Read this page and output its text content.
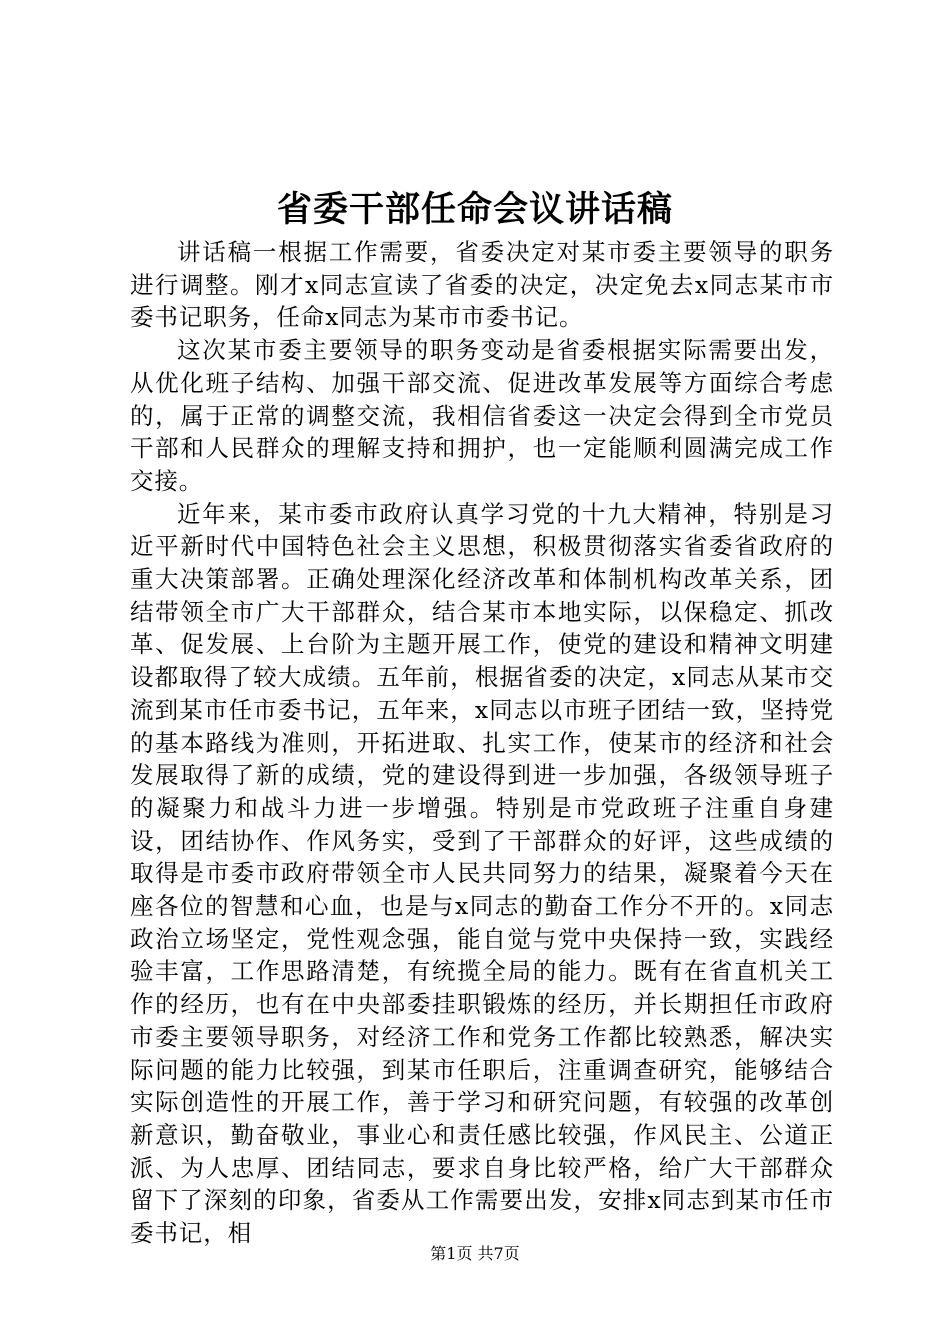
省委干部任命会议讲话稿

讲话稿一根据工作需要，省委决定对某市委主要领导的职务进行调整。刚才x同志宣读了省委的决定，决定免去x同志某市市委书记职务，任命x同志为某市市委书记。

这次某市委主要领导的职务变动是省委根据实际需要出发，从优化班子结构、加强干部交流、促进改革发展等方面综合考虑的，属于正常的调整交流，我相信省委这一决定会得到全市党员干部和人民群众的理解支持和拥护，也一定能顺利圆满完成工作交接。

近年来，某市委市政府认真学习党的十九大精神，特别是习近平新时代中国特色社会主义思想，积极贯彻落实省委省政府的重大决策部署。正确处理深化经济改革和体制机构改革关系，团结带领全市广大干部群众，结合某市本地实际，以保稳定、抓改革、促发展、上台阶为主题开展工作，使党的建设和精神文明建设都取得了较大成绩。五年前，根据省委的决定，x同志从某市交流到某市任市委书记，五年来，x同志以市班子团结一致，坚持党的基本路线为准则，开拓进取、扎实工作，使某市的经济和社会发展取得了新的成绩，党的建设得到进一步加强，各级领导班子的凝聚力和战斗力进一步增强。特别是市党政班子注重自身建设，团结协作、作风务实，受到了干部群众的好评，这些成绩的取得是市委市政府带领全市人民共同努力的结果，凝聚着今天在座各位的智慧和心血，也是与x同志的勤奋工作分不开的。x同志政治立场坚定，党性观念强，能自觉与党中央保持一致，实践经验丰富，工作思路清楚，有统揽全局的能力。既有在省直机关工作的经历，也有在中央部委挂职锻炼的经历，并长期担任市政府市委主要领导职务，对经济工作和党务工作都比较熟悉，解决实际问题的能力比较强，到某市任职后，注重调查研究，能够结合实际创造性的开展工作，善于学习和研究问题，有较强的改革创新意识，勤奋敬业，事业心和责任感比较强，作风民主、公道正派、为人忠厚、团结同志，要求自身比较严格，给广大干部群众留下了深刻的印象，省委从工作需要出发，安排x同志到某市任市委书记，相

第1页 共7页
